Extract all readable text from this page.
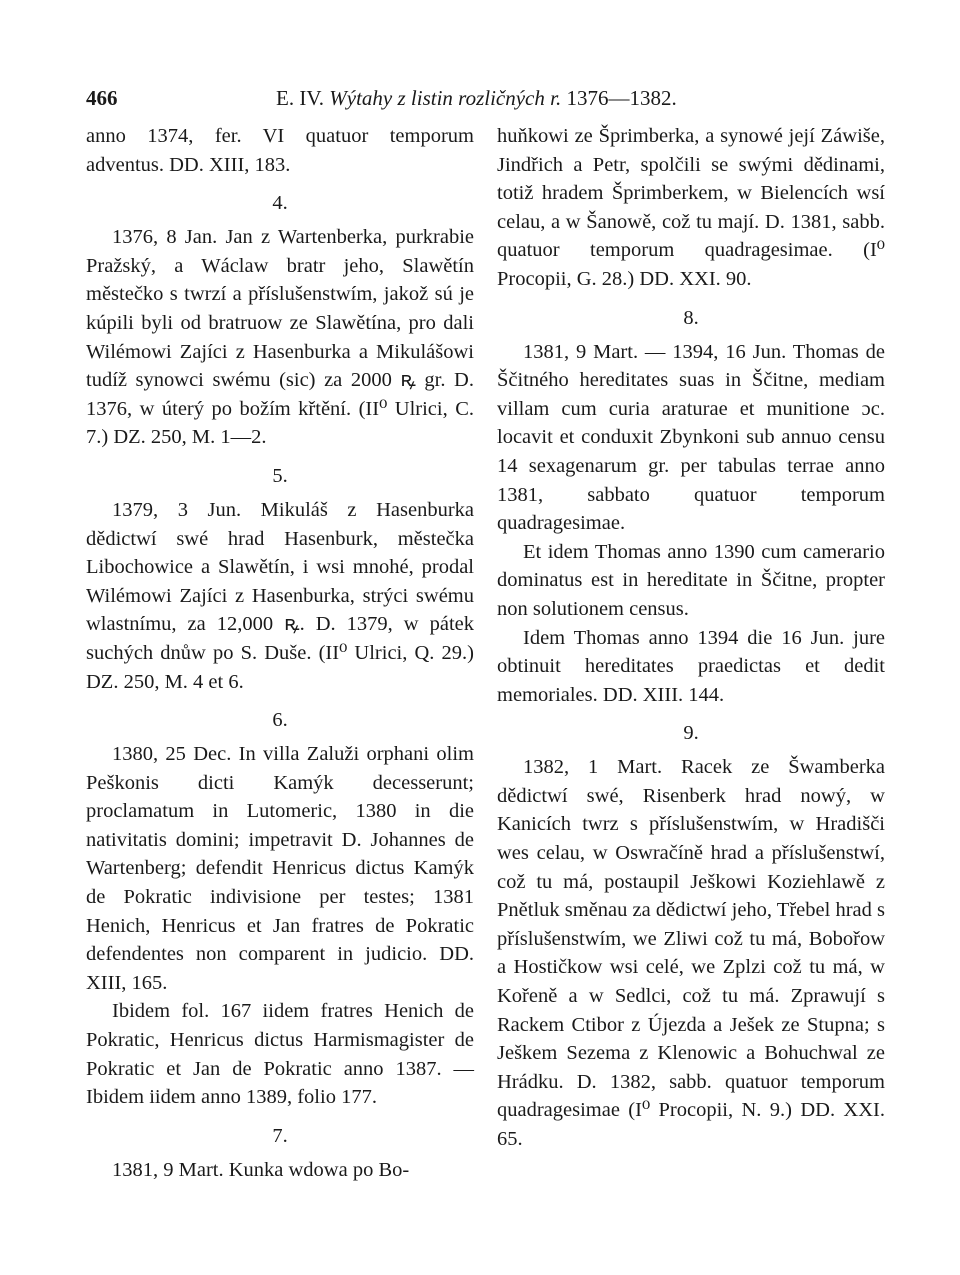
466	E. IV. Wýtahy z listin rozličných r. 1376—1382.

anno 1374, fer. VI quatuor temporum adventus. DD. XIII, 183.

4.

1376, 8 Jan. Jan z Wartenberka, purkrabie Pražský, a Wáclaw bratr jeho, Slawětín městečko s twrzí a příslušenstwím, jakož sú je kúpili byli od bratruow ze Slawětína, pro dali Wilémowi Zajíci z Hasenburka a Mikulášowi tudíž synowci swému (sic) za 2000 ꝶ gr. D. 1376, w úterý po božím křtění. (II⁰ Ulrici, C. 7.) DZ. 250, M. 1—2.

5.

1379, 3 Jun. Mikuláš z Hasenburka dědictwí swé hrad Hasenburk, městečka Libochowice a Slawětín, i wsi mnohé, prodal Wilémowi Zajíci z Hasenburka, strýci swému wlastnímu, za 12,000 ꝶ. D. 1379, w pátek suchých dnůw po S. Duše. (II⁰ Ulrici, Q. 29.) DZ. 250, M. 4 et 6.

6.

1380, 25 Dec. In villa Zaluži orphani olim Peškonis dicti Kamýk decesserunt; proclamatum in Lutomeric, 1380 in die nativitatis domini; impetravit D. Johannes de Wartenberg; defendit Henricus dictus Kamýk de Pokratic indivisione per testes; 1381 Henich, Henricus et Jan fratres de Pokratic defendentes non comparent in judicio. DD. XIII, 165.

Ibidem fol. 167 iidem fratres Henich de Pokratic, Henricus dictus Harmismagister de Pokratic et Jan de Pokratic anno 1387. — Ibidem iidem anno 1389, folio 177.

7.

1381, 9 Mart. Kunka wdowa po Bo-

huňkowi ze Šprimberka, a synowé její Záwiše, Jindřich a Petr, spolčili se swými dědinami, totiž hradem Šprimberkem, w Bielencích wsí celau, a w Šanowě, což tu mají. D. 1381, sabb. quatuor temporum quadragesimae. (I⁰ Procopii, G. 28.) DD. XXI. 90.

8.

1381, 9 Mart. — 1394, 16 Jun. Thomas de Ščitného hereditates suas in Ščitne, mediam villam cum curia araturae et munitione ɔc. locavit et conduxit Zbynkoni sub annuo censu 14 sexagenarum gr. per tabulas terrae anno 1381, sabbato quatuor temporum quadragesimae.

Et idem Thomas anno 1390 cum camerario dominatus est in hereditate in Ščitne, propter non solutionem census.

Idem Thomas anno 1394 die 16 Jun. jure obtinuit hereditates praedictas et dedit memoriales. DD. XIII. 144.

9.

1382, 1 Mart. Racek ze Šwamberka dědictwí swé, Risenberk hrad nowý, w Kanicích twrz s příslušenstwím, w Hradišči wes celau, w Oswračíně hrad a příslušenstwí, což tu má, postaupil Ješkowi Koziehlawě z Pnětluk směnau za dědictwí jeho, Třebel hrad s příslušenstwím, we Zliwi což tu má, Bobořow a Hostičkow wsi celé, we Zplzi což tu má, w Kořeně a w Sedlci, což tu má. Zprawují s Rackem Ctibor z Újezda a Ješek ze Stupna; s Ješkem Sezema z Klenowic a Bohuchwal ze Hrádku. D. 1382, sabb. quatuor temporum quadragesimae (I⁰ Procopii, N. 9.) DD. XXI. 65.
